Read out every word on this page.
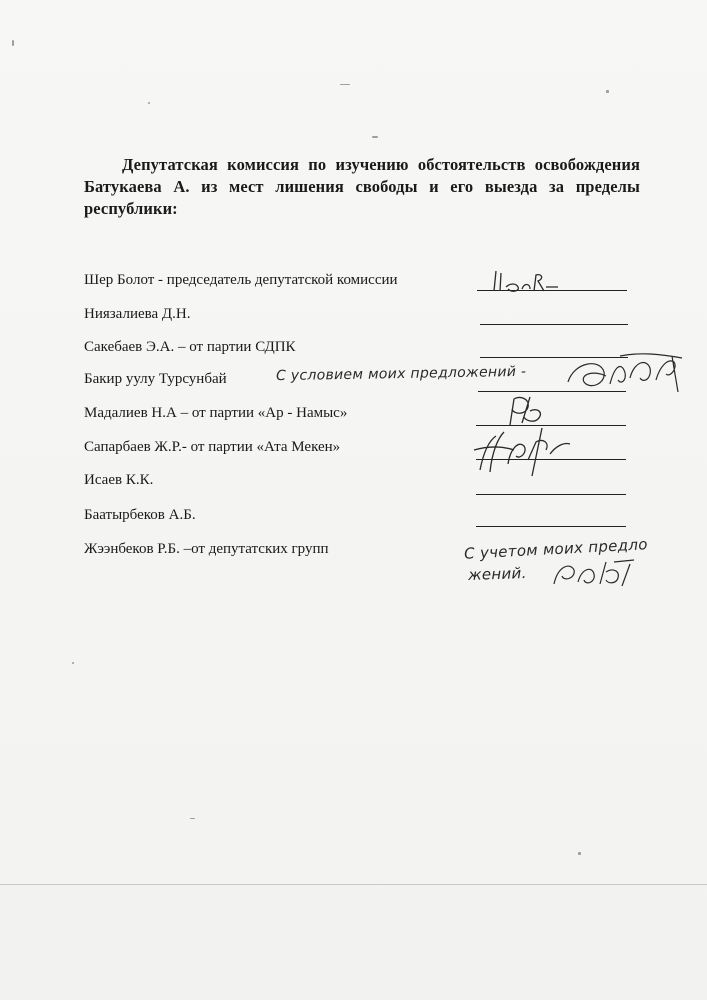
Депутатская комиссия по изучению обстоятельств освобождения Батукаева А. из мест лишения свободы и его выезда за пределы республики:
Шер Болот - председатель депутатской комиссии
Ниязалиева Д.Н.
Сакебаев Э.А. – от партии СДПК
Бакир уулу Турсунбай
Мадалиев Н.А – от партии «Ар - Намыс»
Сапарбаев Ж.Р.- от партии «Ата Мекен»
Исаев К.К.
Баатырбеков А.Б.
Жээнбеков Р.Б. –от депутатских групп
С условием моих предложений -
С учетом моих предло
жений.
